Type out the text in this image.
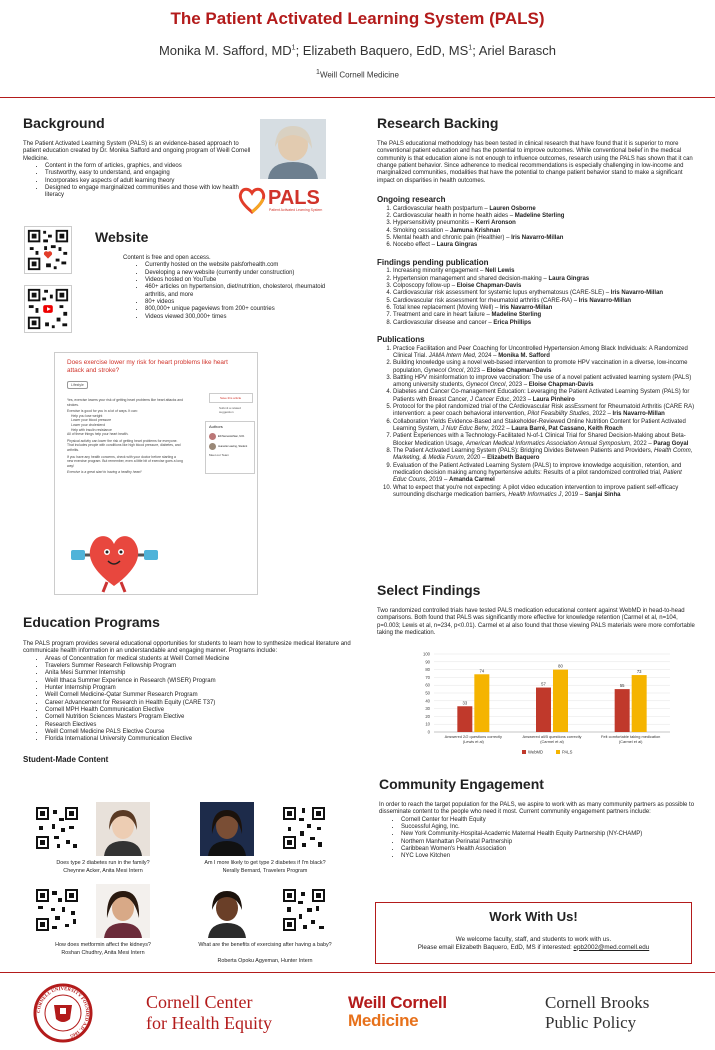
The Patient Activated Learning System (PALS)
Monika M. Safford, $MD^1$; Elizabeth Baquero, EdD, $MS^1$; Ariel Barasch
$^1$Weill Cornell Medicine
Background
The Patient Activated Learning System (PALS) is an evidence-based approach to patient education created by Dr. Monika Safford and ongoing program of Weill Cornell Medicine.
• Content in the form of articles, graphics, and videos
• Trustworthy, easy to understand, and engaging
• Incorporates key aspects of adult learning theory
• Designed to engage marginalized communities and those with low health literacy	PALS
Patient Activated Learning System
Website
Content is free and open access.
• Currently hosted on the website palsforhealth.com
• Developing a new website (currently under construction)
• Videos hosted on YouTube
• 460+ articles on hypertension, diet/nutrition, cholesterol, rheumatoid arthritis, and more
• 80+ videos
• 800,000+ unique pageviews from 200+ countries
• Videos viewed 300,000+ times
Does exercise lower my risk for heart problems like heart attack and stroke?
Lifestyle

Yes, exercise lowers your risk of getting heart problems like heart attacks and strokes.

Exercise is good for you in a lot of ways. It can:

Help you lose weight

Lower your blood pressure

Lower your cholesterol

Help with insulin resistance

All of these things help your heart health.

Physical activity can lower the risk of getting heart problems for everyone. That includes people with conditions like high blood pressure, diabetes, and arthritis.

If you have any health concerns, check with your doctor before starting a new exercise program. But remember, even a little bit of exercise goes a long way!

Exercise is a great start to having a healthy heart!

Save this article
Submit a related suggestion
Authors
Elli Nersesisthian, M.D.
Jeanette Lawing, Student
Meet our Team
Education Programs
The PALS program provides several educational opportunities for students to learn how to synthesize medical literature and communicate health information in an understandable and engaging manner. Programs include:
• Areas of Concentration for medical students at Weill Cornell Medicine
• Travelers Summer Research Fellowship Program
• Anita Mesi Summer Internship
• Weill Ithaca Summer Experience in Research (WISER) Program
• Hunter Internship Program
• Weill Cornell Medicine-Qatar Summer Research Program
• Career Advancement for Research in Health Equity (CARE T37)
• Cornell MPH Health Communication Elective
• Cornell Nutrition Sciences Masters Program Elective
• Research Electives
• Weill Cornell Medicine PALS Elective Course
• Florida International University Communication Elective
Student-Made Content
Does type 2 diabetes run in the family?
Cheynne Acker, Anita Mesi Intern
Am I more likely to get type 2 diabetes if I'm black?
Nerally Bernard, Travelers Program
How does metformin affect the kidneys?
Roshan Chudhry, Anita Mesi Intern
What are the benefits of exercising after having a baby?
Roberta Opoku Agyeman, Hunter Intern
Research Backing
The PALS educational methodology has been tested in clinical research that have found that it is superior to more conventional patient education and has the potential to improve outcomes. While conventional belief in the medical community is that education alone is not enough to influence outcomes, research using the PALS has shown that it can change patient behavior. Since adherence to medical recommendations is especially challenging in low-income and marginalized communities, modalities that have the potential to change patient behavior stand to make a significant impact on disparities in health outcomes.
Ongoing research
1. Cardiovascular health postpartum – Lauren Osborne
2. Cardiovascular health in home health aides – Madeline Sterling
3. Hypersensitivity pneumonitis – Kerri Aronson
4. Smoking cessation – Jamuna Krishnan
5. Mental health and chronic pain (Healthier) – Iris Navarro-Millan
6. Nocebo effect – Laura Gingras
Findings pending publication
1. Increasing minority engagement – Nell Lewis
2. Hypertension management and shared decision-making – Laura Gingras
3. Colposcopy follow-up – Eloise Chapman-Davis
4. Cardiovascular risk assessment for systemic lupus erythematosus (CARE-SLE) – Iris Navarro-Millan
5. Cardiovascular risk assessment for rheumatoid arthritis (CARE-RA) – Iris Navarro-Millan
6. Total knee replacement (Moving Well) – Iris Navarro-Millan
7. Treatment and care in heart failure – Madeline Sterling
8. Cardiovascular disease and cancer – Erica Phillips
Publications
1. Practice Facilitation and Peer Coaching for Uncontrolled Hypertension Among Black Individuals: A Randomized Clinical Trial. JAMA Intern Med, 2024 – Monika M. Safford
2. Building knowledge using a novel web-based intervention to promote HPV vaccination in a diverse, low-income population, Gynecol Oncol, 2023 – Eloise Chapman-Davis
3. Battling HPV misinformation to improve vaccination: The use of a novel patient activated learning system (PALS) among university students, Gynecol Oncol, 2023 – Eloise Chapman-Davis
4. Diabetes and Cancer Co-management Education: Leveraging the Patient Activated Learning System (PALS) for Patients with Breast Cancer, J Cancer Educ, 2023 – Laura Pinheiro
5. Protocol for the pilot randomized trial of the CArdiovascular Risk assEssment for Rheumatoid Arthritis (CARE RA) intervention: a peer coach behavioral intervention, Pilot Feasibility Studies, 2022 – Iris Navarro-Millan
6. Collaboration Yields Evidence-Based and Stakeholder-Reviewed Online Nutrition Content for Patient Activated Learning System, J Nutr Educ Behv, 2022 – Laura Barré, Pat Cassano, Keith Roach
7. Patient Experiences with a Technology-Facilitated N-of-1 Clinical Trial for Shared Decision-Making about Beta-Blocker Medication Usage, American Medical Informatics Association Annual Symposium, 2022 – Parag Goyal
8. The Patient Activated Learning System (PALS): Bridging Divides Between Patients and Providers, Health Comm, Marketing, & Media Forum, 2020 – Elizabeth Baquero
9. Evaluation of the Patient Activated Learning System (PALS) to improve knowledge acquisition, retention, and medication decision making among hypertensive adults: Results of a pilot randomized controlled trial, Patient Educ Couns, 2019 – Amanda Carmel
10. What to expect that you're not expecting: A pilot video education intervention to improve patient self-efficacy surrounding discharge medication barriers, Health Informatics J, 2019 – Sanjai Sinha
Select Findings
Two randomized controlled trials have tested PALS medication educational content against WebMD in head-to-head comparisons. Both found that PALS was significantly more effective for knowledge retention (Carmel et al, n=104, p=0.003; Lewis et al, n=234, p<0.01). Carmel et al also found that those viewing PALS materials were more comfortable taking the medication.
0
10
20
30
40
50
60
70
80
90
100
33
74
Answered 2/2 questions correctly
(Lewis et al)
57
80
Answered all/5 questions correctly
(Carmel et al)
55
73
Felt comfortable taking medication
(Carmel et al)
WebMD	PALS
Community Engagement
In order to reach the target population for the PALS, we aspire to work with as many community partners as possible to disseminate content to the people who need it most. Current community engagement partners include:
• Cornell Center for Health Equity
• Successful Aging, Inc.
• New York Community-Hospital-Academic Maternal Health Equity Partnership (NY-CHAMP)
• Northern Manhattan Perinatal Partnership
• Caribbean Women's Health Association
• NYC Love Kitchen
Work With Us!
We welcome faculty, staff, and students to work with us.
Please email Elizabeth Baquero, EdD, MS if interested: epb2002@med.cornell.edu
CORNELL UNIVERSITY FOUNDED A.D. 1865
Cornell Center
for Health Equity
Weill Cornell
Medicine
Cornell Brooks
Public Policy
